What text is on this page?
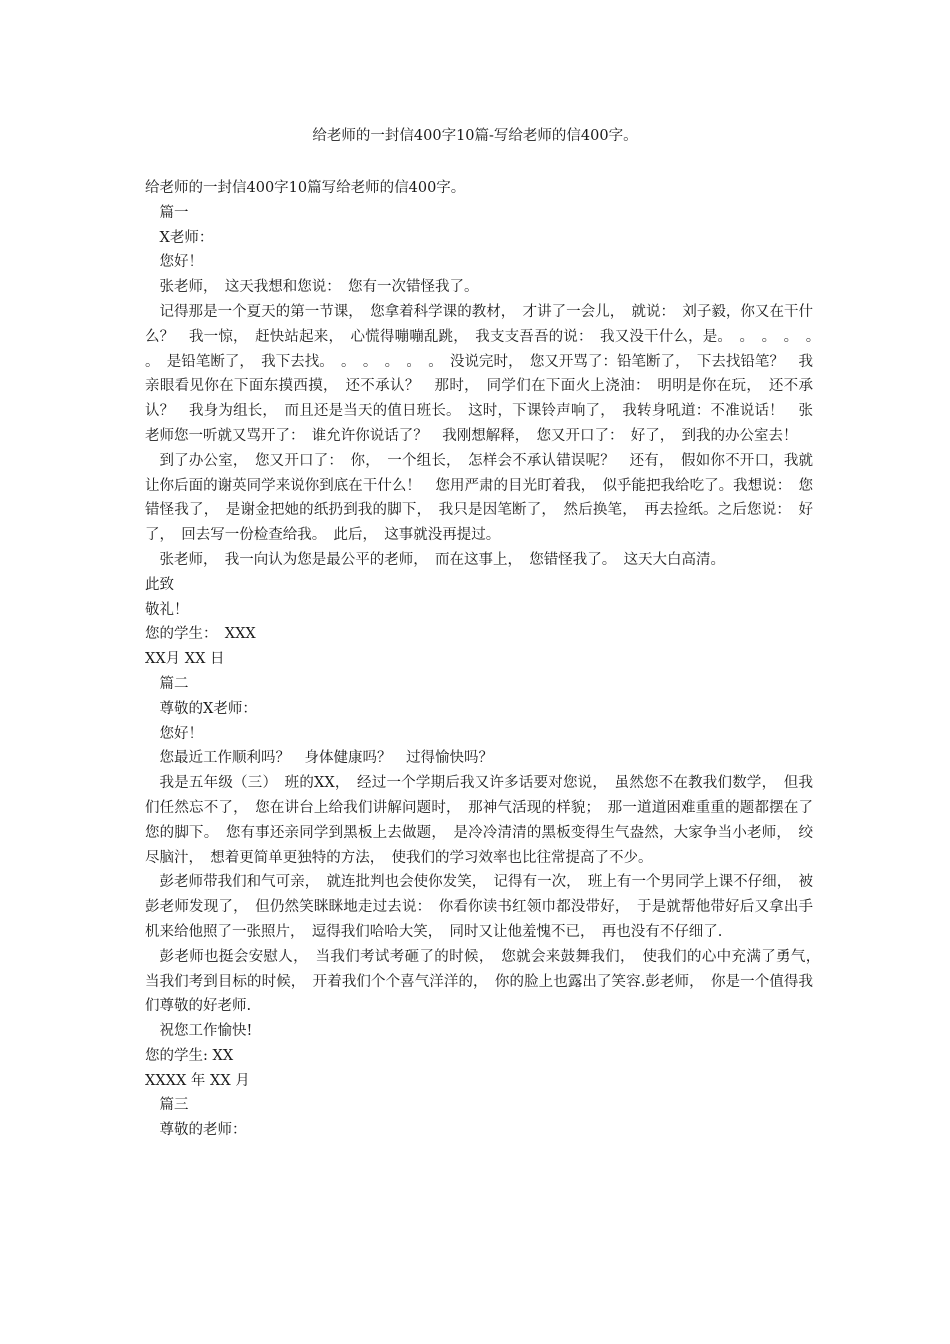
给老师的一封信400字10篇-写给老师的信400字。

给老师的一封信400字10篇写给老师的信400字。

篇一

X老师：

您好！

张老师，　这天我想和您说：　您有一次错怪我了。

记得那是一个夏天的第一节课，　您拿着科学课的教材，　才讲了一会儿，　就说：　刘子毅，你又在干什么？　我一惊，　赶快站起来，　心慌得嘣嘣乱跳，　我支支吾吾的说：　我又没干什么，是。　。　。　。　。　。　是铅笔断了，　我下去找。　。　。　。　。　。　没说完时，　您又开骂了：铅笔断了，　下去找铅笔？　我亲眼看见你在下面东摸西摸，　还不承认？　那时，　同学们在下面火上浇油：　明明是你在玩，　还不承认？　我身为组长，　而且还是当天的值日班长。　这时，下课铃声响了，　我转身吼道：不准说话！　张老师您一听就又骂开了：　谁允许你说话了？　我刚想解释，　您又开口了：　好了，　到我的办公室去！

到了办公室，　您又开口了：　你，　一个组长，　怎样会不承认错误呢？　还有，　假如你不开口，我就让你后面的谢英同学来说你到底在干什么！　您用严肃的目光盯着我，　似乎能把我给吃了。我想说：　您错怪我了，　是谢金把她的纸扔到我的脚下，　我只是因笔断了，　然后换笔，　再去捡纸。之后您说：　好了，　回去写一份检查给我。　此后，　这事就没再提过。

张老师，　我一向认为您是最公平的老师，　而在这事上，　您错怪我了。　这天大白高清。

此致

敬礼！

您的学生：　XXX

XX月 XX 日

篇二

尊敬的X老师：

您好！

您最近工作顺利吗？　身体健康吗？　过得愉快吗？

我是五年级（三）　班的XX，　经过一个学期后我又许多话要对您说，　虽然您不在教我们数学，　但我们任然忘不了，　您在讲台上给我们讲解问题时，　那神气活现的样貌；　那一道道困难重重的题都摆在了您的脚下。　您有事还亲同学到黑板上去做题，　是冷冷清清的黑板变得生气盎然，大家争当小老师，　绞尽脑汁，　想着更简单更独特的方法，　使我们的学习效率也比往常提高了不少。

彭老师带我们和气可亲，　就连批判也会使你发笑，　记得有一次，　班上有一个男同学上课不仔细，　被彭老师发现了，　但仍然笑眯眯地走过去说：　你看你读书红领巾都没带好，　于是就帮他带好后又拿出手机来给他照了一张照片，　逗得我们哈哈大笑，　同时又让他羞愧不已，　再也没有不仔细了.

彭老师也挺会安慰人，　当我们考试考砸了的时候，　您就会来鼓舞我们，　使我们的心中充满了勇气，　当我们考到目标的时候，　开着我们个个喜气洋洋的，　你的脸上也露出了笑容.彭老师，　你是一个值得我们尊敬的好老师.

祝您工作愉快!

您的学生: XX

XXXX 年 XX 月

篇三

尊敬的老师：
